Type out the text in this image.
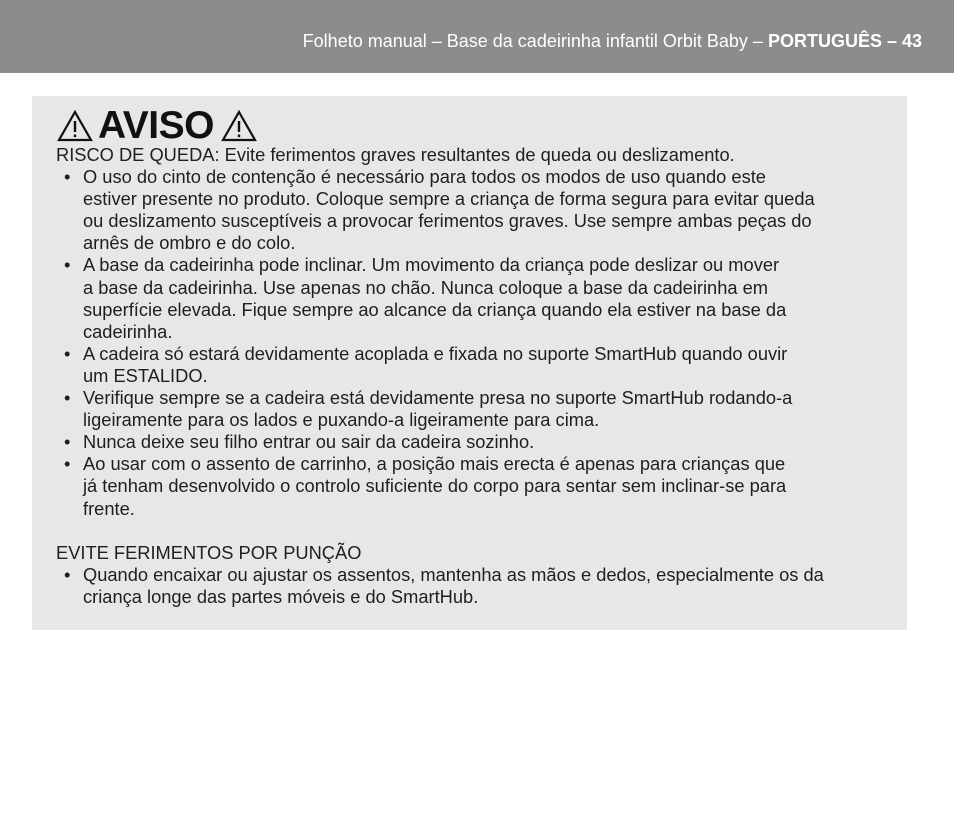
Folheto manual – Base da cadeirinha infantil Orbit Baby – PORTUGUÊS – 43
AVISO

RISCO DE QUEDA: Evite ferimentos graves resultantes de queda ou deslizamento.

• O uso do cinto de contenção é necessário para todos os modos de uso quando este
estiver presente no produto. Coloque sempre a criança de forma segura para evitar queda
ou deslizamento susceptíveis a provocar ferimentos graves. Use sempre ambas peças do
arnês de ombro e do colo.
• A base da cadeirinha pode inclinar. Um movimento da criança pode deslizar ou mover
a base da cadeirinha. Use apenas no chão. Nunca coloque a base da cadeirinha em
superfície elevada. Fique sempre ao alcance da criança quando ela estiver na base da
cadeirinha.
• A cadeira só estará devidamente acoplada e fixada no suporte SmartHub quando ouvir
um ESTALIDO.
• Verifique sempre se a cadeira está devidamente presa no suporte SmartHub rodando-a
ligeiramente para os lados e puxando-a ligeiramente para cima.
• Nunca deixe seu filho entrar ou sair da cadeira sozinho.
• Ao usar com o assento de carrinho, a posição mais erecta é apenas para crianças que
já tenham desenvolvido o controlo suficiente do corpo para sentar sem inclinar-se para
frente.

EVITE FERIMENTOS POR PUNÇÃO

• Quando encaixar ou ajustar os assentos, mantenha as mãos e dedos, especialmente os da
criança longe das partes móveis e do SmartHub.
